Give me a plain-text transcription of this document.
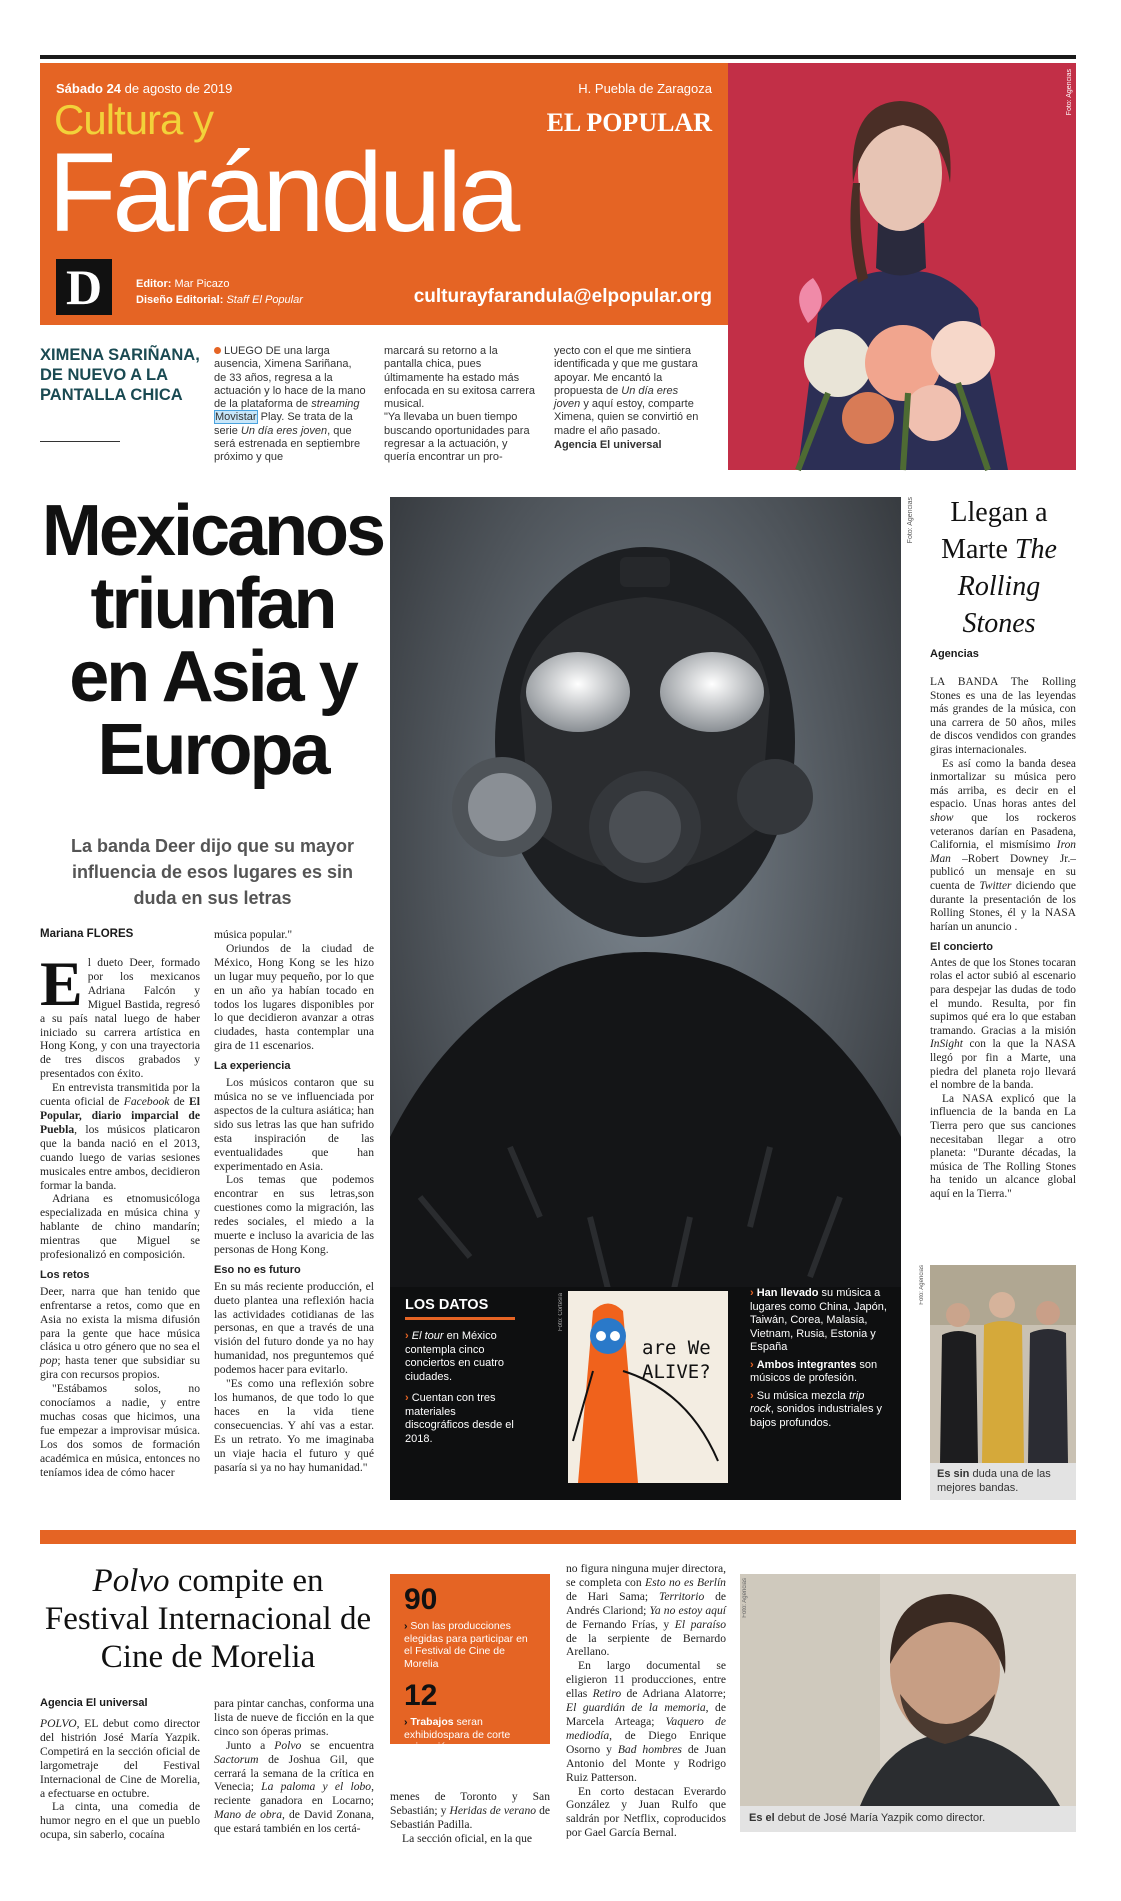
Sábado 24 de agosto de 2019	H. Puebla de Zaragoza
Cultura y	EL POPULAR
Farándula
D	Editor: Mar Picazo
Diseño Editorial: Staff El Popular	culturayfarandula@elpopular.org
Foto: Agencias
XIMENA SARIÑANA, DE NUEVO A LA PANTALLA CHICA
LUEGO DE una larga ausencia, Ximena Sariñana, de 33 años, regresa a la actuación y lo hace de la mano de la plataforma de streaming Movistar Play. Se trata de la serie Un día eres joven, que será estrenada en septiembre próximo y que
marcará su retorno a la pantalla chica, pues últimamente ha estado más enfocada en su exitosa carrera musical.
"Ya llevaba un buen tiempo buscando oportunidades para regresar a la actuación, y quería encontrar un pro-
yecto con el que me sintiera identificada y que me gustara apoyar. Me encantó la propuesta de Un día eres joven y aquí estoy, comparte Ximena, quien se convirtió en madre el año pasado.
Agencia El universal
Mexicanos
triunfan
en Asia y
Europa
La banda Deer dijo que su mayor influencia de esos lugares es sin duda en sus letras
Mariana FLORES

El dueto Deer, formado por los mexicanos Adriana Falcón y Miguel Bastida, regresó a su país natal luego de haber iniciado su carrera artística en Hong Kong, y con una trayectoria de tres discos grabados y presentados con éxito.

En entrevista transmitida por la cuenta oficial de Facebook de El Popular, diario imparcial de Puebla, los músicos platicaron que la banda nació en el 2013, cuando luego de varias sesiones musicales entre ambos, decidieron formar la banda.

Adriana es etnomusicóloga especializada en música china y hablante de chino mandarín; mientras que Miguel se profesionalizó en composición.

Los retos

Deer, narra que han tenido que enfrentarse a retos, como que en Asia no exista la misma difusión para la gente que hace música clásica u otro género que no sea el pop; hasta tener que subsidiar su gira con recursos propios.

"Estábamos solos, no conocíamos a nadie, y entre muchas cosas que hicimos, una fue empezar a improvisar música. Los dos somos de formación académica en música, entonces no teníamos idea de cómo hacer

música popular."

Oriundos de la ciudad de México, Hong Kong se les hizo un lugar muy pequeño, por lo que en un año ya habían tocado en todos los lugares disponibles por lo que decidieron avanzar a otras ciudades, hasta contemplar una gira de 11 escenarios.

La experiencia

Los músicos contaron que su música no se ve influenciada por aspectos de la cultura asiática; han sido sus letras las que han sufrido esta inspiración de las eventualidades que han experimentado en Asia.

Los temas que podemos encontrar en sus letras,son cuestiones como la migración, las redes sociales, el miedo a la muerte e incluso la avaricia de las personas de Hong Kong.

Eso no es futuro

En su más reciente producción, el dueto plantea una reflexión hacia las actividades cotidianas de las personas, en que a través de una visión del futuro donde ya no hay humanidad, nos preguntemos qué podemos hacer para evitarlo.

"Es como una reflexión sobre los humanos, de que todo lo que haces en la vida tiene consecuencias. Y ahí vas a estar. Es un retrato. Yo me imaginaba un viaje hacia el futuro y qué pasaría si ya no hay humanidad."

Foto: Agencias
LOS DATOS
› El tour en México contempla cinco conciertos en cuatro ciudades.
› Cuentan con tres materiales discográficos desde el 2018.
are We
ALIVE?
Foto: Cortesía	› Han llevado su música a lugares como China, Japón, Taiwán, Corea, Malasia, Vietnam, Rusia, Estonia y España
› Ambos integrantes son músicos de profesión.
› Su música mezcla trip rock, sonidos industriales y bajos profundos.
Llegan a
Marte The Rolling Stones
Agencias

LA BANDA The Rolling Stones es una de las leyendas más grandes de la música, con una carrera de 50 años, miles de discos vendidos con grandes giras internacionales.

Es así como la banda desea inmortalizar su música pero más arriba, es decir en el espacio. Unas horas antes del show que los rockeros veteranos darían en Pasadena, California, el mismísimo Iron Man –Robert Downey Jr.– publicó un mensaje en su cuenta de Twitter diciendo que durante la presentación de los Rolling Stones, él y la NASA harían un anuncio .

El concierto

Antes de que los Stones tocaran rolas el actor subió al escenario para despejar las dudas de todo el mundo. Resulta, por fin supimos qué era lo que estaban tramando. Gracias a la misión InSight con la que la NASA llegó por fin a Marte, una piedra del planeta rojo llevará el nombre de la banda.

La NASA explicó que la influencia de la banda en La Tierra pero que sus canciones necesitaban llegar a otro planeta: "Durante décadas, la música de The Rolling Stones ha tenido un alcance global aquí en la Tierra."

Foto: Agencias
Es sin duda una de las mejores bandas.
Polvo compite en Festival Internacional de Cine de Morelia
Agencia El universal

POLVO, EL debut como director del histrión José María Yazpik. Competirá en la sección oficial de largometraje del Festival Internacional de Cine de Morelia, a efectuarse en octubre.

La cinta, una comedia de humor negro en el que un pueblo ocupa, sin saberlo, cocaína

para pintar canchas, conforma una lista de nueve de ficción en la que cinco son óperas primas.

Junto a Polvo se encuentra Sactorum de Joshua Gil, que cerrará la semana de la crítica en Venecia; La paloma y el lobo, reciente ganadora en Locarno; Mano de obra, de David Zonana, que estará también en los certá-

90
› Son las producciones elegidas para participar en el Festival de Cine de Morelia
12
› Trabajos seran exhibidospara de corte animación

menes de Toronto y San Sebastián; y Heridas de verano de Sebastián Padilla.

La sección oficial, en la que

no figura ninguna mujer directora, se completa con Esto no es Berlín de Hari Sama; Territorio de Andrés Clariond; Ya no estoy aquí de Fernando Frías, y El paraíso de la serpiente de Bernardo Arellano.

En largo documental se eligieron 11 producciones, entre ellas Retiro de Adriana Alatorre; El guardián de la memoria, de Marcela Arteaga; Vaquero de mediodía, de Diego Enrique Osorno y Bad hombres de Juan Antonio del Monte y Rodrigo Ruiz Patterson.

En corto destacan Everardo González y Juan Rulfo que saldrán por Netflix, coproducidos por Gael García Bernal.

Foto: Agencias
Es el debut de José María Yazpik como director.
